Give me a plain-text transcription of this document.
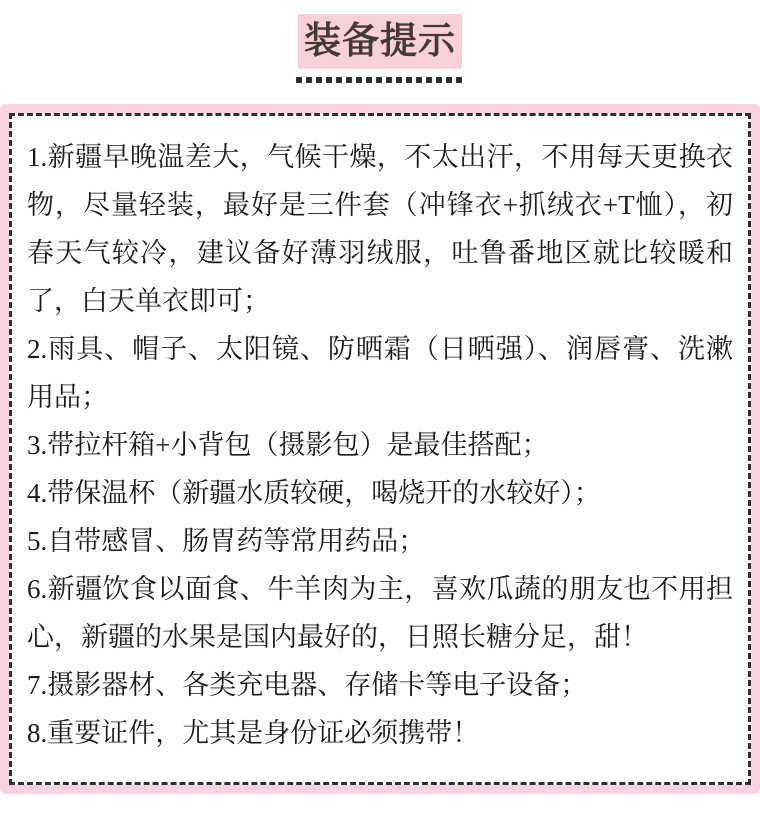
装备提示

1.新疆早晚温差大，气候干燥，不太出汗，不用每天更换衣物，尽量轻装，最好是三件套（冲锋衣+抓绒衣+T恤），初春天气较冷，建议备好薄羽绒服，吐鲁番地区就比较暖和了，白天单衣即可；

2.雨具、帽子、太阳镜、防晒霜（日晒强）、润唇膏、洗漱用品；

3.带拉杆箱+小背包（摄影包）是最佳搭配；

4.带保温杯（新疆水质较硬，喝烧开的水较好）；

5.自带感冒、肠胃药等常用药品；

6.新疆饮食以面食、牛羊肉为主，喜欢瓜蔬的朋友也不用担心，新疆的水果是国内最好的，日照长糖分足，甜！

7.摄影器材、各类充电器、存储卡等电子设备；

8.重要证件，尤其是身份证必须携带！
